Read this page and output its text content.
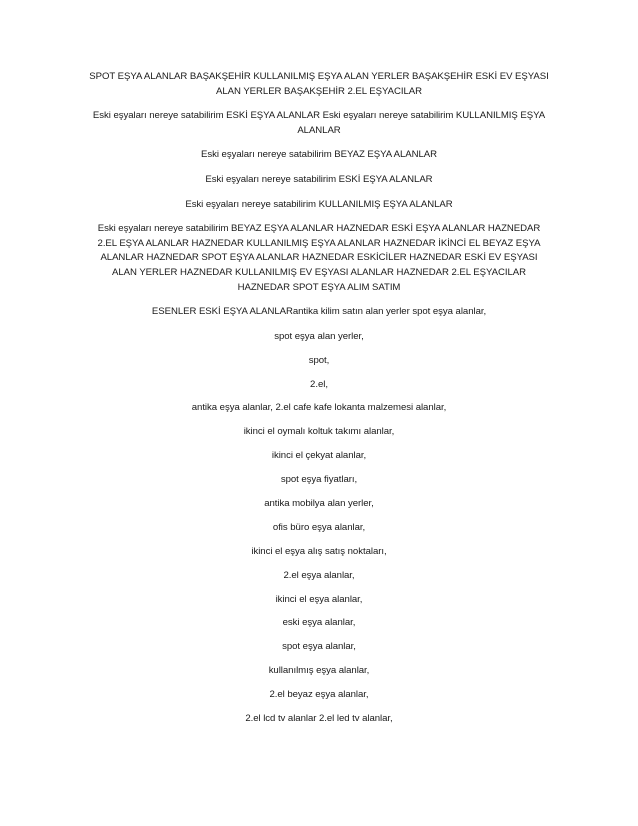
SPOT EŞYA ALANLAR BAŞAKŞEHİR KULLANILMIŞ EŞYA ALAN YERLER BAŞAKŞEHİR ESKİ EV EŞYASI ALAN YERLER BAŞAKŞEHİR 2.EL EŞYACILAR

Eski eşyaları nereye satabilirim ESKİ EŞYA ALANLAR Eski eşyaları nereye satabilirim KULLANILMIŞ EŞYA ALANLAR

Eski eşyaları nereye satabilirim BEYAZ EŞYA ALANLAR

Eski eşyaları nereye satabilirim ESKİ EŞYA ALANLAR

Eski eşyaları nereye satabilirim KULLANILMIŞ EŞYA ALANLAR

Eski eşyaları nereye satabilirim BEYAZ EŞYA ALANLAR HAZNEDAR ESKİ EŞYA ALANLAR HAZNEDAR 2.EL EŞYA ALANLAR HAZNEDAR KULLANILMIŞ EŞYA ALANLAR HAZNEDAR İKİNCİ EL BEYAZ EŞYA ALANLAR HAZNEDAR SPOT EŞYA ALANLAR HAZNEDAR ESKİCİLER HAZNEDAR ESKİ EV EŞYASI ALAN YERLER HAZNEDAR KULLANILMIŞ EV EŞYASI ALANLAR HAZNEDAR 2.EL EŞYACILAR HAZNEDAR SPOT EŞYA ALIM SATIM

ESENLER ESKİ EŞYA ALANLARantika kilim satın alan yerler spot eşya alanlar,

spot eşya alan yerler,

spot,

2.el,

antika eşya alanlar, 2.el cafe kafe lokanta malzemesi alanlar,

ikinci el oymalı koltuk takımı alanlar,

ikinci el çekyat alanlar,

spot eşya fiyatları,

antika mobilya alan yerler,

ofis büro eşya alanlar,

ikinci el eşya alış satış noktaları,

2.el eşya alanlar,

ikinci el eşya alanlar,

eski eşya alanlar,

spot eşya alanlar,

kullanılmış eşya alanlar,

2.el beyaz eşya alanlar,

2.el lcd tv alanlar 2.el led tv alanlar,
